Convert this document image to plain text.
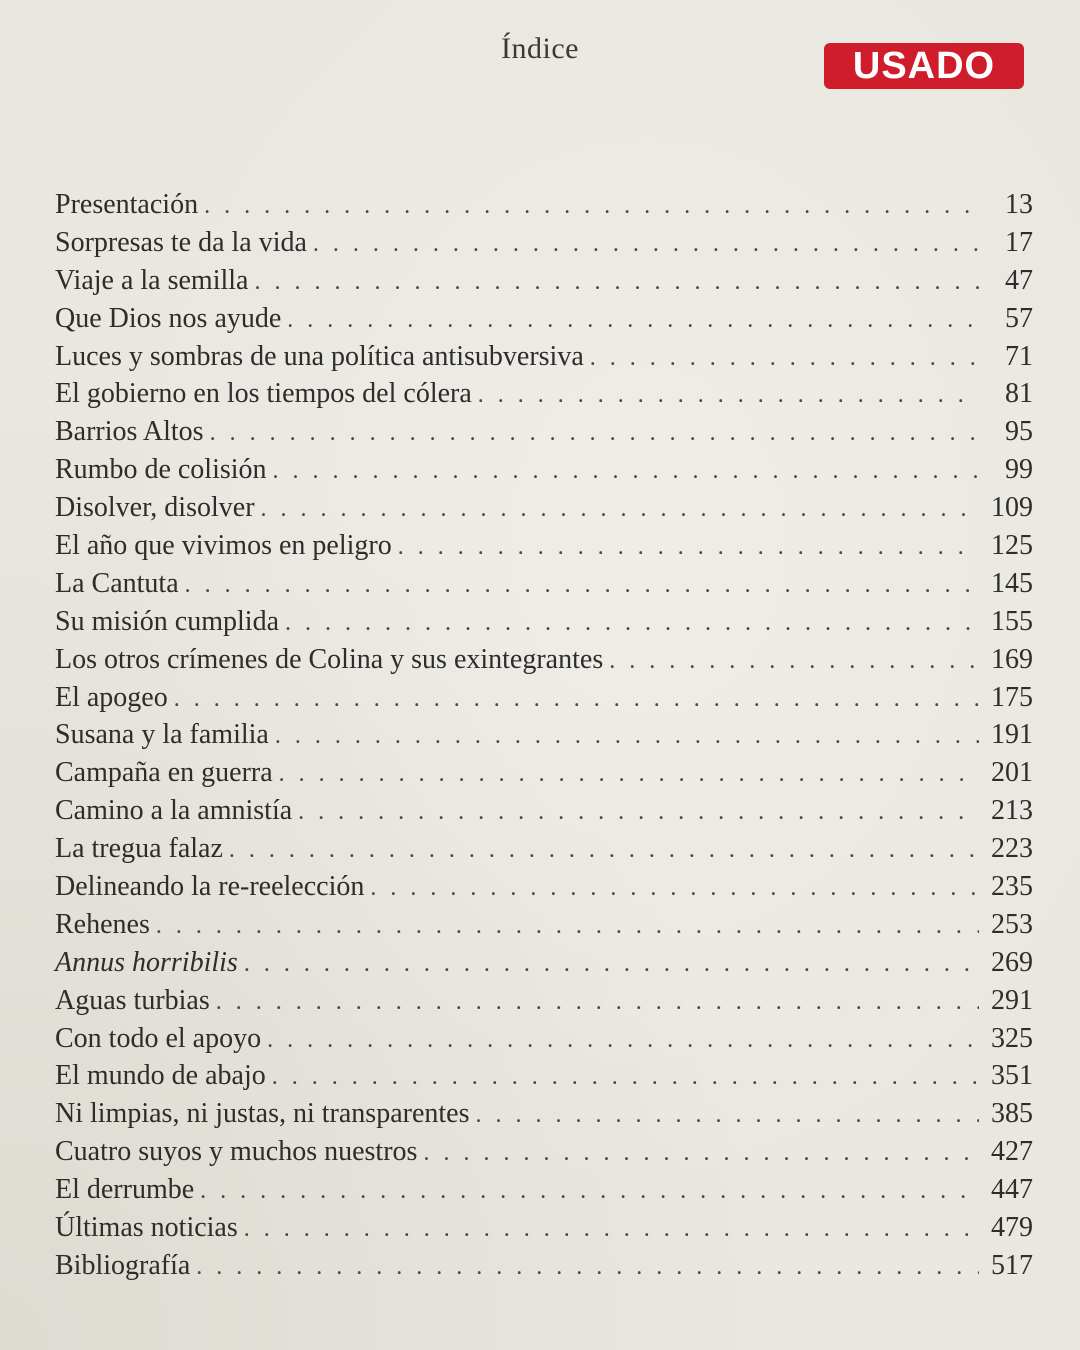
Índice	USADO
Presentación . . .	13
Sorpresas te da la vida . . .	17
Viaje a la semilla . . .	47
Que Dios nos ayude . . .	57
Luces y sombras de una política antisubversiva . . .	71
El gobierno en los tiempos del cólera . . .	81
Barrios Altos . . .	95
Rumbo de colisión . . .	99
Disolver, disolver . . .	109
El año que vivimos en peligro . . .	125
La Cantuta . . .	145
Su misión cumplida . . .	155
Los otros crímenes de Colina y sus exintegrantes . . .	169
El apogeo . . .	175
Susana y la familia . . .	191
Campaña en guerra . . .	201
Camino a la amnistía . . .	213
La tregua falaz . . .	223
Delineando la re-reelección . . .	235
Rehenes . . .	253
Annus horribilis . . .	269
Aguas turbias . . .	291
Con todo el apoyo . . .	325
El mundo de abajo . . .	351
Ni limpias, ni justas, ni transparentes . . .	385
Cuatro suyos y muchos nuestros . . .	427
El derrumbe . . .	447
Últimas noticias . . .	479
Bibliografía . . .	517
